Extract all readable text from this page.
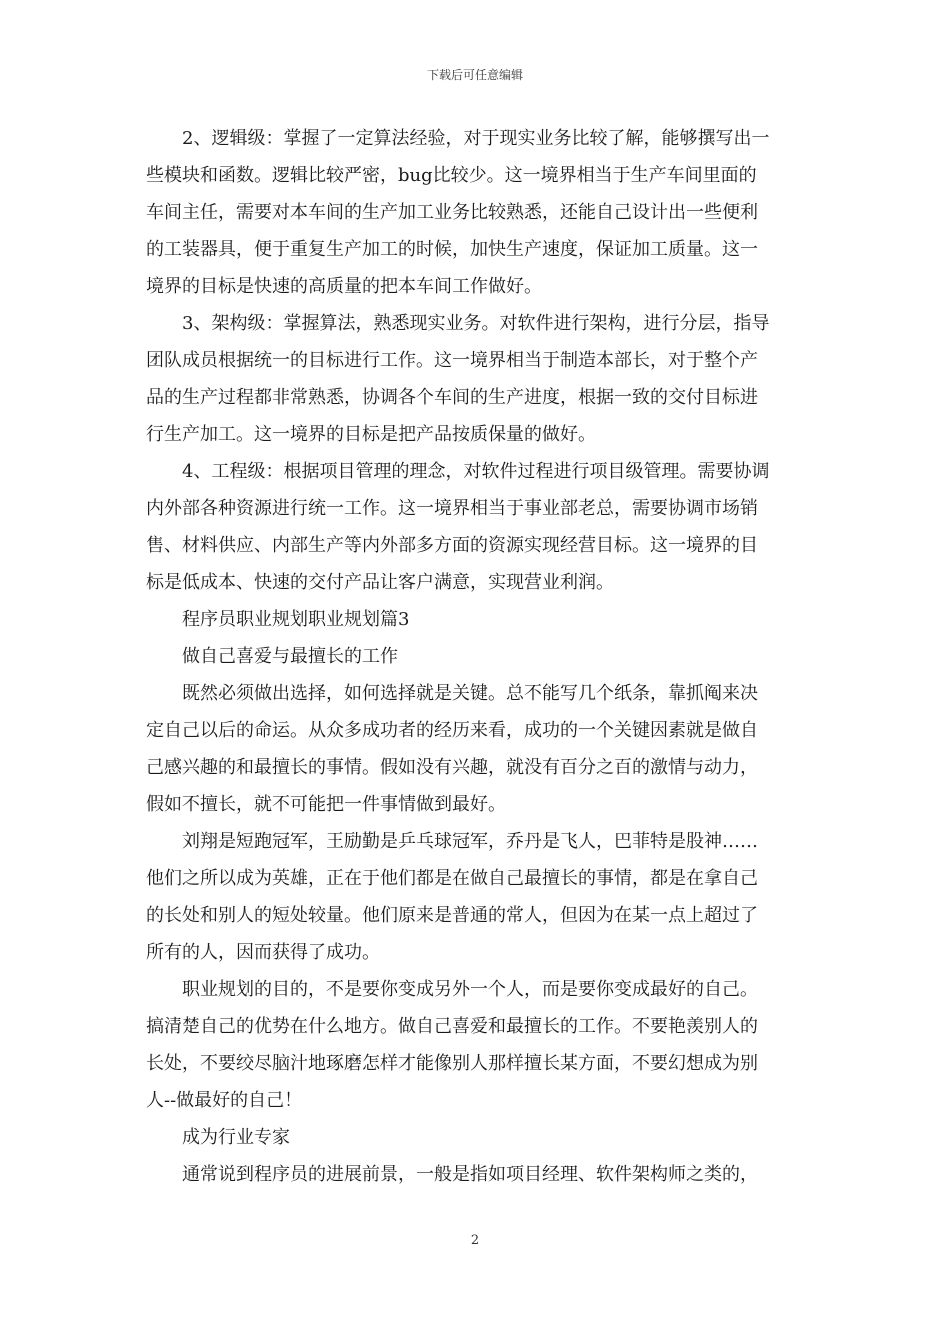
下载后可任意编辑

　　2、逻辑级：掌握了一定算法经验，对于现实业务比较了解，能够撰写出一
些模块和函数。逻辑比较严密，bug比较少。这一境界相当于生产车间里面的
车间主任，需要对本车间的生产加工业务比较熟悉，还能自己设计出一些便利
的工装器具，便于重复生产加工的时候，加快生产速度，保证加工质量。这一
境界的目标是快速的高质量的把本车间工作做好。

　　3、架构级：掌握算法，熟悉现实业务。对软件进行架构，进行分层，指导
团队成员根据统一的目标进行工作。这一境界相当于制造本部长，对于整个产
品的生产过程都非常熟悉，协调各个车间的生产进度，根据一致的交付目标进
行生产加工。这一境界的目标是把产品按质保量的做好。

　　4、工程级：根据项目管理的理念，对软件过程进行项目级管理。需要协调
内外部各种资源进行统一工作。这一境界相当于事业部老总，需要协调市场销
售、材料供应、内部生产等内外部多方面的资源实现经营目标。这一境界的目
标是低成本、快速的交付产品让客户满意，实现营业利润。

　　程序员职业规划职业规划篇3

　　做自己喜爱与最擅长的工作

　　既然必须做出选择，如何选择就是关键。总不能写几个纸条，靠抓阄来决
定自己以后的命运。从众多成功者的经历来看，成功的一个关键因素就是做自
己感兴趣的和最擅长的事情。假如没有兴趣，就没有百分之百的激情与动力，
假如不擅长，就不可能把一件事情做到最好。

　　刘翔是短跑冠军，王励勤是乒乓球冠军，乔丹是飞人，巴菲特是股神……
他们之所以成为英雄，正在于他们都是在做自己最擅长的事情，都是在拿自己
的长处和别人的短处较量。他们原来是普通的常人，但因为在某一点上超过了
所有的人，因而获得了成功。

　　职业规划的目的，不是要你变成另外一个人，而是要你变成最好的自己。
搞清楚自己的优势在什么地方。做自己喜爱和最擅长的工作。不要艳羡别人的
长处，不要绞尽脑汁地琢磨怎样才能像别人那样擅长某方面，不要幻想成为别
人--做最好的自己！

　　成为行业专家

　　通常说到程序员的进展前景，一般是指如项目经理、软件架构师之类的，

2
